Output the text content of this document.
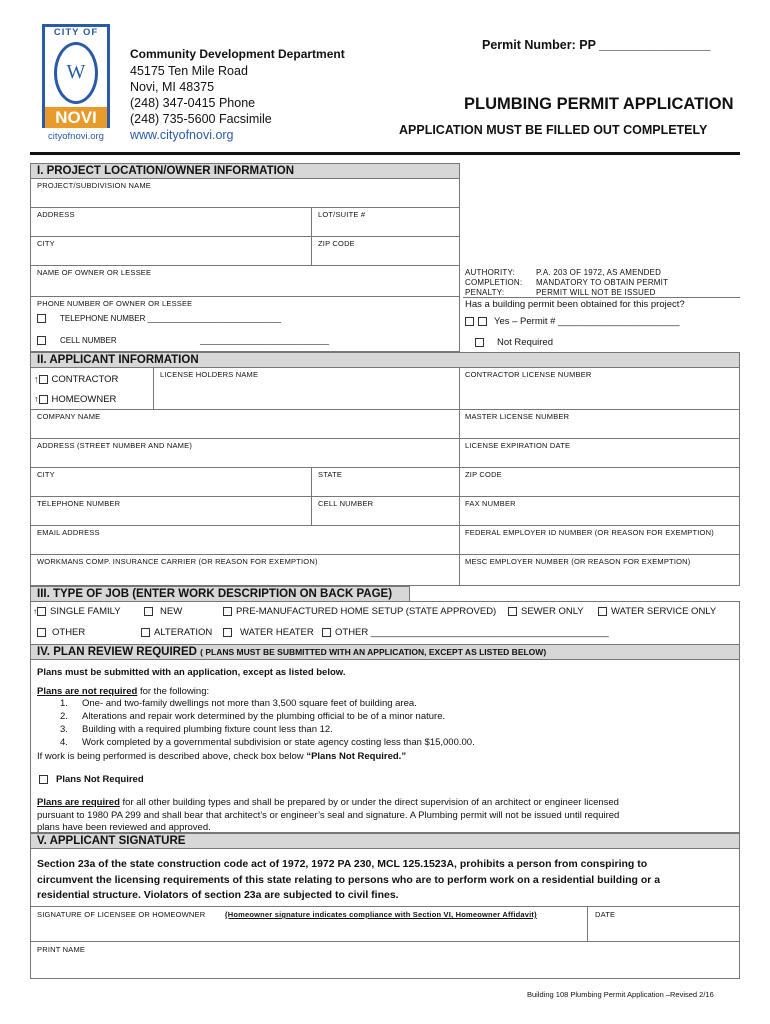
CITY OF
W
NOVI
cityofnovi.org
Community Development Department
45175 Ten Mile Road
Novi, MI 48375
(248) 347-0415 Phone
(248) 735-5600 Facsimile
www.cityofnovi.org
Permit Number: PP ________________
PLUMBING PERMIT APPLICATION
APPLICATION MUST BE FILLED OUT COMPLETELY
I. PROJECT LOCATION/OWNER INFORMATION
PROJECT/SUBDIVISION NAME
ADDRESS	LOT/SUITE #
CITY	ZIP CODE
NAME OF OWNER OR LESSEE
PHONE NUMBER OF OWNER OR LESSEE
TELEPHONE NUMBER ______________________________
CELL NUMBER	_____________________________
AUTHORITY:	P.A. 203 OF 1972, AS AMENDED
COMPLETION: MANDATORY TO OBTAIN PERMIT
PENALTY:	PERMIT WILL NOT BE ISSUED
Has a building permit been obtained for this project?
Yes – Permit # _______________________
Not Required
II. APPLICANT INFORMATION
↑ CONTRACTOR
↑ HOMEOWNER
LICENSE HOLDERS NAME	CONTRACTOR LICENSE NUMBER
COMPANY NAME	MASTER LICENSE NUMBER
ADDRESS (STREET NUMBER AND NAME)	LICENSE EXPIRATION DATE
CITY	STATE	ZIP CODE
TELEPHONE NUMBER	CELL NUMBER	FAX NUMBER
EMAIL ADDRESS	FEDERAL EMPLOYER ID NUMBER (OR REASON FOR EXEMPTION)
WORKMANS COMP. INSURANCE CARRIER (OR REASON FOR EXEMPTION)	MESC EMPLOYER NUMBER (OR REASON FOR EXEMPTION)
III. TYPE OF JOB (ENTER WORK DESCRIPTION ON BACK PAGE)
↑ SINGLE FAMILY	NEW	PRE-MANUFACTURED HOME SETUP (STATE APPROVED)	SEWER ONLY	WATER SERVICE ONLY
OTHER	ALTERATION	WATER HEATER	OTHER _____________________________________________
IV. PLAN REVIEW REQUIRED ( PLANS MUST BE SUBMITTED WITH AN APPLICATION, EXCEPT AS LISTED BELOW)
Plans must be submitted with an application, except as listed below.
Plans are not required for the following:
1. One- and two-family dwellings not more than 3,500 square feet of building area.
2. Alterations and repair work determined by the plumbing official to be of a minor nature.
3. Building with a required plumbing fixture count less than 12.
4. Work completed by a governmental subdivision or state agency costing less than $15,000.00.
If work is being performed is described above, check box below “Plans Not Required.”
Plans Not Required
Plans are required for all other building types and shall be prepared by or under the direct supervision of an architect or engineer licensed
pursuant to 1980 PA 299 and shall bear that architect’s or engineer’s seal and signature. A Plumbing permit will not be issued until required
plans have been reviewed and approved.
V. APPLICANT SIGNATURE
Section 23a of the state construction code act of 1972, 1972 PA 230, MCL 125.1523A, prohibits a person from conspiring to
circumvent the licensing requirements of this state relating to persons who are to perform work on a residential building or a
residential structure. Violators of section 23a are subjected to civil fines.
SIGNATURE OF LICENSEE OR HOMEOWNER	(Homeowner signature indicates compliance with Section VI, Homeowner Affidavit)	DATE
PRINT NAME
Building 108 Plumbing Permit Application –Revised 2/16
